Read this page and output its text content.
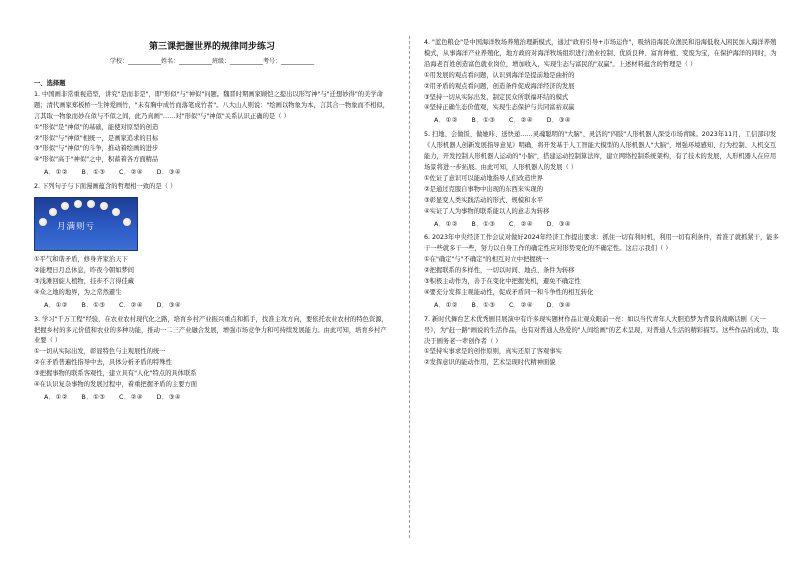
第三课把握世界的规律同步练习
学校：___________姓名：___________班级：___________考号：___________

一、选择题

1. 中国画非常重视造型，讲究"是而非是"，即"形似"与"神似"问题。魏晋时期画家顾恺之提出以形写神"与"迁想妙得"的美学命题；清代画家郑板桥一生钟爱画竹，"未有胸中成竹而落笔成竹者"。八大山人则说："绘画以物象为本，言其合一物象而不相似，言其取一物象而妙在似与不似之间，此乃真画"……对"形似"与"神似"关系认识正确的是（ ）

①"形似"是"神似"的基础，能使对原型的创造

②"形似"与"神似"相统一，是画家追求的目标

③"形似"与"神似"的斗争，推动着绘画的进步

④"形似"高于"神似"之中，积蓄着各方面精品

A．①②　　B．①③　　C．②④　　D．③④

2. 下列句子与下面漫画蕴含的哲理相一致的是（ ）

月满则亏

①平气和谐矛盾，修身齐家治天下

②能埋日月总休息，昨夜今朝如梦间

③浅滩回旋人植物，挂步不言得佳藏

④众之地的地界，为之常然避生

A．①②　　B．①③　　C．②④　　D．③④

3. 学习"千万工程"经验，在农业农村现代化之路，培育乡村产业振兴重点和抓手，找准主攻方向，要依托农业农村的特色资源，把握乡村的多元价值和农业的多种功能，推动一二三产业融合发展，增强市场竞争力和可持续发展能力。由此可知，培育乡村产业要（ ）

①一切从实际出发，彰显特色与主观展性的统一

②在矛盾普遍性指导中去，具体分析矛盾的特殊性

③把握事物的联系客观性，建立具有"人化"特点的具体联系

④在认识复杂事物的发展过程中，着重把握矛盾的主要方面

A．①②　　B．①③　　C．②④　　D．③④

4. "蓝色粮仓"是中国海洋牧场养殖治理新模式，通过"政府引导+市场运作"，吸纳沿海民众渔民和沿海低收入困民加入海洋养殖模式，从事海洋产业养殖化，地方政府对海洋牧场组织进行渔业控制、优质良种、富育种植、变废为宝，在保护海洋的同时，为沿海老百姓创造富色就业岗位，增加收入，实现生态与富民的"双赢"。上述材料蕴含的哲理是（ ）

①用发展的观点看问题，认识到海洋是提前地是曲折的

②用矛盾的观点看问题，创造条件促成海洋经济的发展

③坚持一切从实际出发，制定民众所联福环结的模式

④坚持正确生态价值观，实现生态保护与共同富裕双赢

A．①②　　B．①③　　C．②④　　D．③④

5. 扫地、会做饭、做她咔、送快递……灵魂聪明的"大脑"、灵活的"四肢"人形机器人深受市场青睐。2023年11月，工信部印发《人形机器人创新发展指导意见》明确，将开发基于人工智能大模型的人形机器人"大脑"，增强环境感知、行为控制、人机交互能力，开发控制人形机器人运动的"小脑"，搭建运动控制算法库，建立网络控制系统架构，有了技术的发展，人形机器人在应用场景将进一步拓展。由此可知，人形机器人的发展（ ）

①佐证了意识可以能动地指导人们改造世界

②是通过克服自事物中出现的东西来实现的

③彰显变人类实践活动的形式、规模和水平

④实证了人为事物的联系能以人的意志为转移

A．①②　　B．①③　　C．②④　　D．③④

6. 2023年中央经济工作会议对做好2024年经济工作提出要求：抓住一切有利时机，利用一切有利条件，看准了就抓紧干，能多干一些就多干一些，努力以自身工作的确定性应对形势变化的不确定性。这启示我们（ ）

①在"确定"与"不确定"的相互对立中把握统一

②把握联系的多样性，一切以时间、地点、条件为转移

③积极主动作为，善于在变化中把握先机，避免不确定性

④要充分发挥主观能动性，促成矛盾同一和斗争性的相互转化

A．①②　　B．①③　　C．②④　　D．③④

7. 新时代舞台艺术优秀剧目展演中有许多现实题材作品让观众眼前一亮：如以当代青年人大胆追梦为背景的战略话剧《天一号》，为"赶一路"画说的生活作品，也有对普通人热爱的"人间绘画"的艺术呈现，对普通人生活的精彩描写。这些作品的成功，取决于剧务老一辈创作者（ ）

①坚持实事求是的创作原则，真实还原了客观事实

②发挥意识的能动作用，艺术呈现时代精神面貌
